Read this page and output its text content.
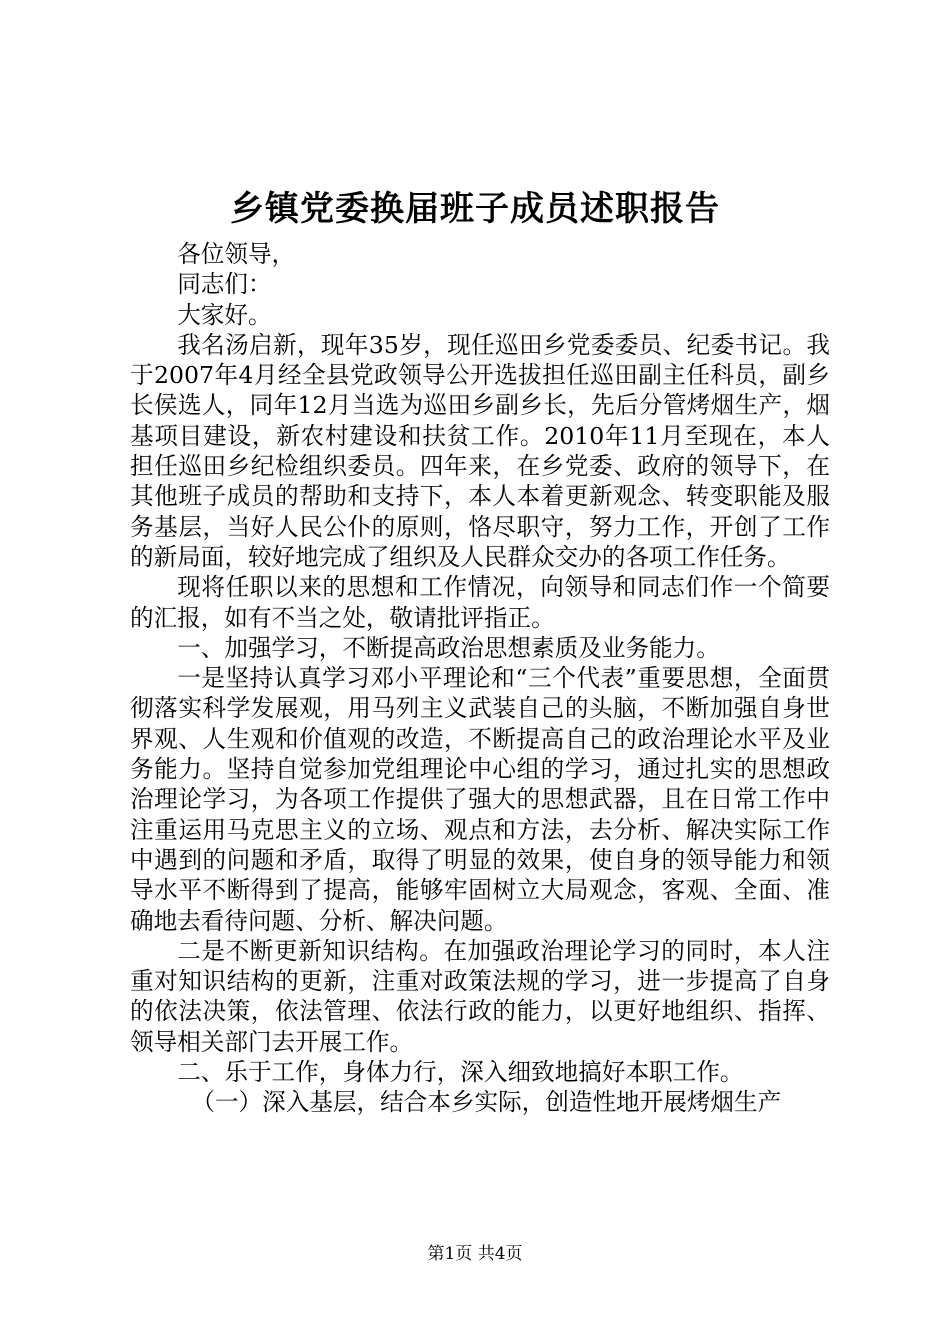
乡镇党委换届班子成员述职报告

各位领导，

同志们：

大家好。

我名汤启新，现年35岁，现任巡田乡党委委员、纪委书记。我于2007年4月经全县党政领导公开选拔担任巡田副主任科员，副乡长侯选人，同年12月当选为巡田乡副乡长，先后分管烤烟生产，烟基项目建设，新农村建设和扶贫工作。2010年11月至现在，本人担任巡田乡纪检组织委员。四年来，在乡党委、政府的领导下，在其他班子成员的帮助和支持下，本人本着更新观念、转变职能及服务基层，当好人民公仆的原则，恪尽职守，努力工作，开创了工作的新局面，较好地完成了组织及人民群众交办的各项工作任务。

现将任职以来的思想和工作情况，向领导和同志们作一个简要的汇报，如有不当之处，敬请批评指正。

一、加强学习，不断提高政治思想素质及业务能力。

一是坚持认真学习邓小平理论和“三个代表”重要思想，全面贯彻落实科学发展观，用马列主义武装自己的头脑，不断加强自身世界观、人生观和价值观的改造，不断提高自己的政治理论水平及业务能力。坚持自觉参加党组理论中心组的学习，通过扎实的思想政治理论学习，为各项工作提供了强大的思想武器，且在日常工作中注重运用马克思主义的立场、观点和方法，去分析、解决实际工作中遇到的问题和矛盾，取得了明显的效果，使自身的领导能力和领导水平不断得到了提高，能够牢固树立大局观念，客观、全面、准确地去看待问题、分析、解决问题。

二是不断更新知识结构。在加强政治理论学习的同时，本人注重对知识结构的更新，注重对政策法规的学习，进一步提高了自身的依法决策，依法管理、依法行政的能力，以更好地组织、指挥、领导相关部门去开展工作。

二、乐于工作，身体力行，深入细致地搞好本职工作。

（一）深入基层，结合本乡实际，创造性地开展烤烟生产

第1页 共4页
